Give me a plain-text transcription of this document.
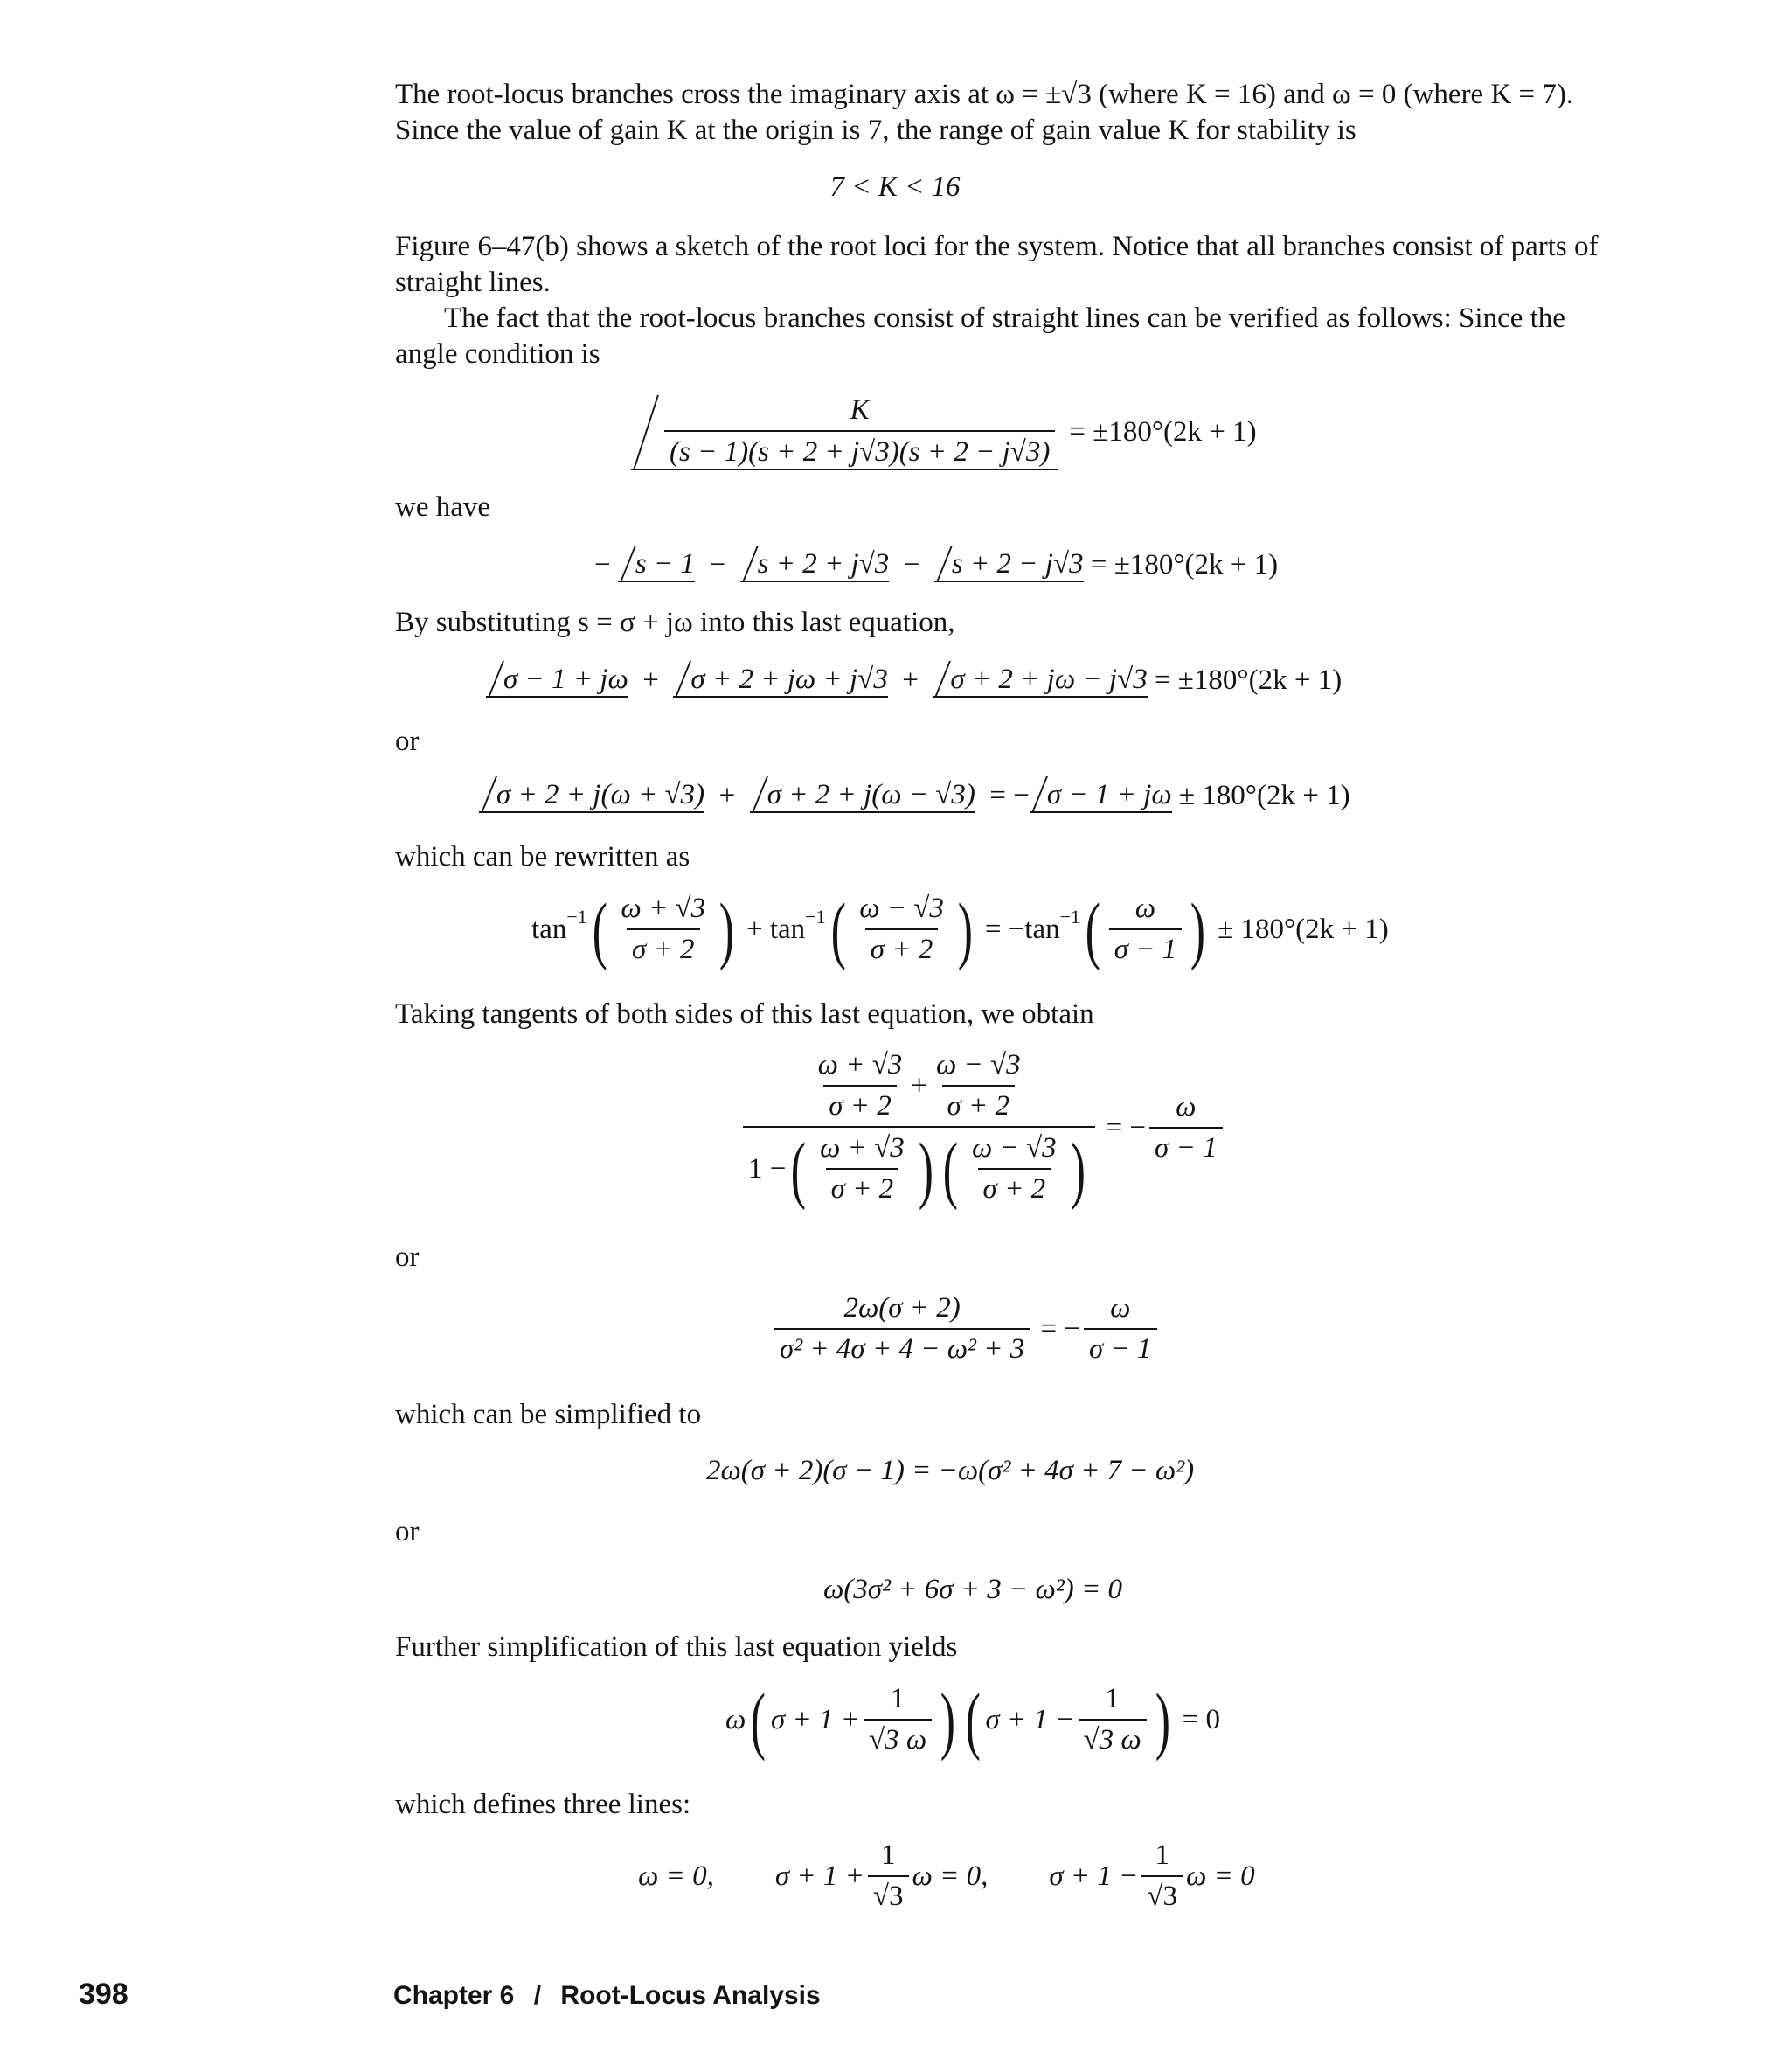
The root-locus branches cross the imaginary axis at ω = ±√3 (where K = 16) and ω = 0 (where K = 7). Since the value of gain K at the origin is 7, the range of gain value K for stability is

7 < K < 16

Figure 6–47(b) shows a sketch of the root loci for the system. Notice that all branches consist of parts of straight lines.

The fact that the root-locus branches consist of straight lines can be verified as follows: Since the angle condition is

$\frac{K}{(s - 1)(s + 2 + j√3)(s + 2 - j√3)} = \pm 180^\circ(2k + 1)$

we have

− s − 1 − s + 2 + j√3 − s + 2 − j√3
= ±180°(2k + 1)

By substituting s = σ + jω into this last equation,

σ − 1 + jω + σ + 2 + jω + j√3 + σ + 2 + jω − j√3
= ±180°(2k + 1)

or

σ + 2 + j(ω + √3) + σ + 2 + j(ω − √3) = − σ − 1 + jω
± 180°(2k + 1)

which can be rewritten as

tan −1 ( $\frac{\omega + √3}{\sigma + 2}$ ) + tan −1 ( $\frac{\omega - √3}{\sigma + 2}$ ) = − tan −1 ( $\frac{\omega}{\sigma - 1}$ )
± 180°(2k + 1)

Taking tangents of both sides of this last equation, we obtain

$\frac{\omega + √3}{\sigma + 2} + \frac{\omega - √3}{\sigma + 2}$
1 − ( $\frac{\omega + √3}{\sigma + 2}$ ) ( $\frac{\omega - √3}{\sigma + 2}$ ) = − $\frac{\omega}{\sigma - 1}$

or

$\frac{2\omega(\sigma + 2)}{\text{σ² + 4σ + 4 − ω² + 3}}$ = − $\frac{\omega}{\sigma - 1}$

which can be simplified to

2ω(σ + 2)(σ − 1) = −ω(σ² + 4σ + 7 − ω²)

or

ω(3σ² + 6σ + 3 − ω²) = 0

Further simplification of this last equation yields

ω ( $\sigma + 1 + \frac{1}{√3 \omega}$ ) ( $\sigma + 1 - \frac{1}{√3 \omega}$ )
= 0

which defines three lines:

ω = 0, $\sigma + 1 + \frac{1}{√3}$ ω = 0, $\sigma + 1 - \frac{1}{√3}$ ω = 0
398	Chapter 6 / Root-Locus Analysis
